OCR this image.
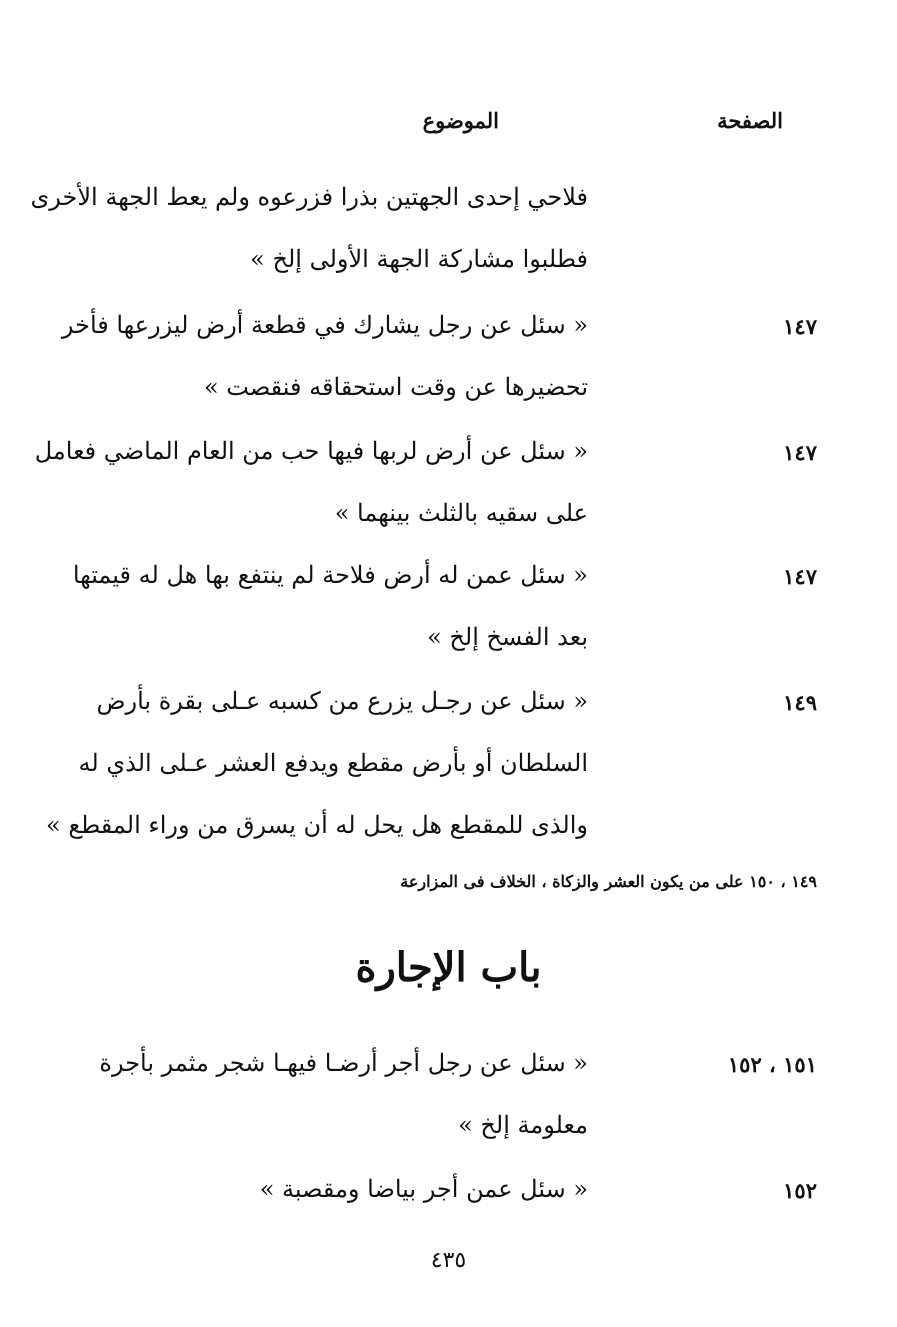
الصفحة
الموضوع
فلاحي إحدى الجهتين بذرا فزرعوه ولم يعط الجهة الأخرى
فطلبوا مشاركة الجهة الأولى إلخ »
١٤٧
« سئل عن رجل يشارك في قطعة أرض ليزرعها فأخر
تحضيرها عن وقت استحقاقه فنقصت »
١٤٧
« سئل عن أرض لربها فيها حب من العام الماضي فعامل
على سقيه بالثلث بينهما »
١٤٧
« سئل عمن له أرض فلاحة لم ينتفع بها هل له قيمتها
بعد الفسخ إلخ »
١٤٩
« سئل عن رجـل يزرع من كسبه عـلى بقرة بأرض
السلطان أو بأرض مقطع ويدفع العشر عـلى الذي له
والذى للمقطع هل يحل له أن يسرق من وراء المقطع »
١٤٩ ، ١٥٠ على من يكون العشر والزكاة ، الخلاف فى المزارعة
باب الإجارة
١٥١ ، ١٥٢
« سئل عن رجل أجر أرضـا فيهـا شجر مثمر بأجرة
معلومة إلخ »
١٥٢
« سئل عمن أجر بياضا ومقصبة »
٤٣٥
